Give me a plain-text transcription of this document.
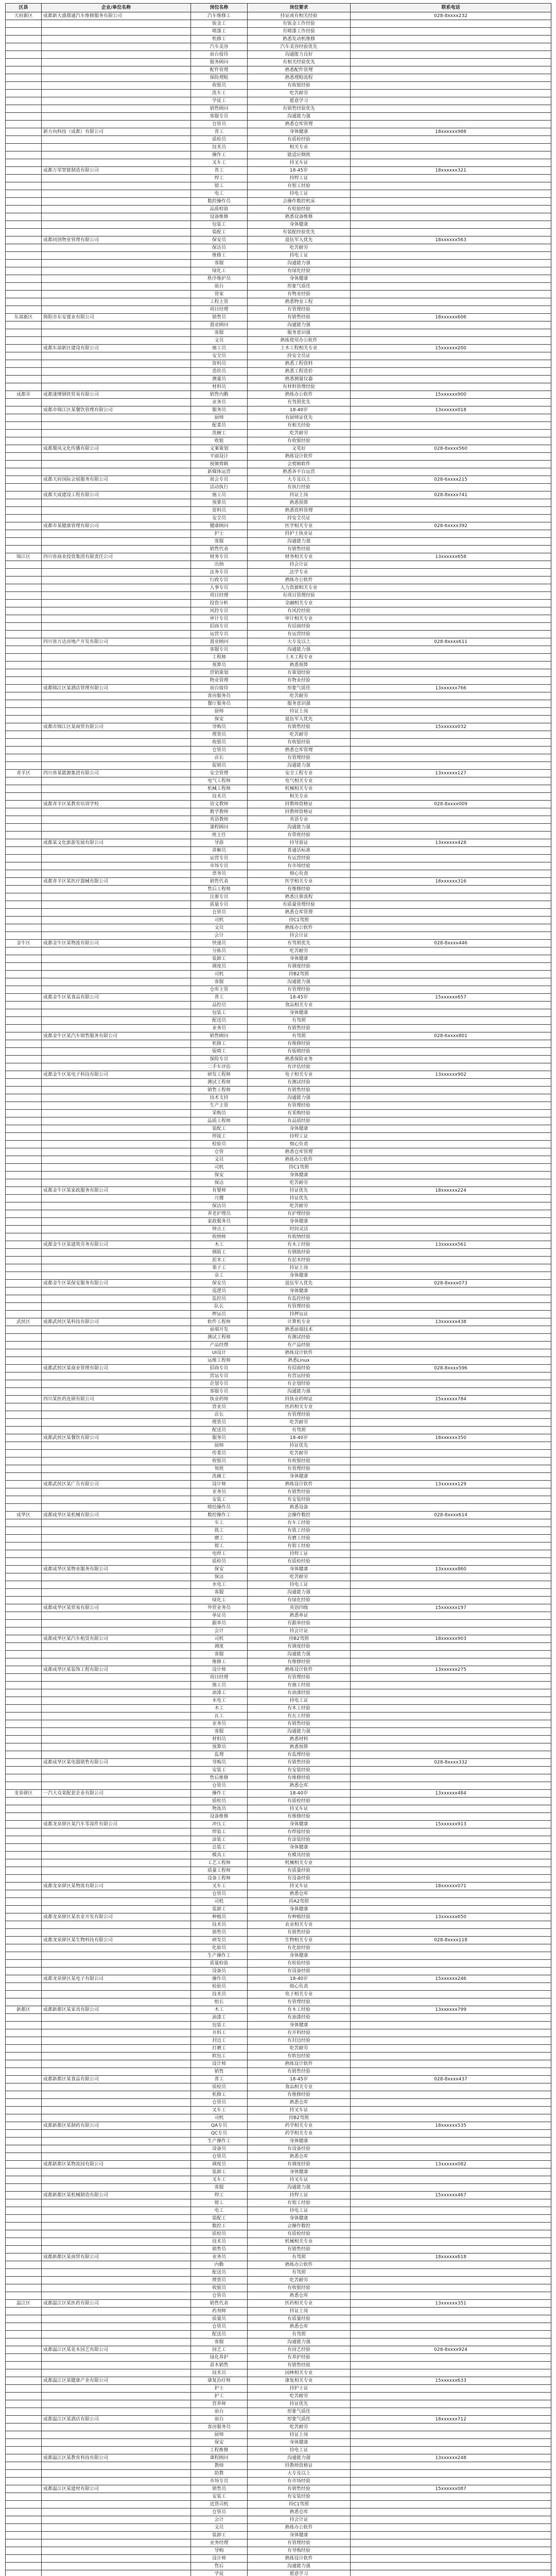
区县	企业/单位名称	岗位名称	岗位要求	联系电话
天府新区	成都新大盛鼎通汽车维修服务有限公司	汽车维修工	持证或有相关经验	028-8xxxx232
		钣金工	有钣金工作经验	
		喷漆工	有喷漆工作经验	
		机修工	熟悉发动机维修	
		汽车美容	汽车美容经验优先	
		前台接待	沟通能力良好	
		服务顾问	有相关经验优先	
		配件管理	熟悉配件管理	
		保险理赔	熟悉理赔流程	
		收银员	有收银经验	
		洗车工	吃苦耐劳	
		学徒工	愿意学习	
		销售顾问	有销售经验优先	
		客服专员	沟通能力强	
		仓管员	熟悉仓库管理	
	新方向科技（成都）有限公司	普工	身体健康	18xxxxxx988
		质检员	有质检经验	
		技术员	相关专业	
		操作工	能适应倒班	
		叉车工	持叉车证	
	成都万荣智能制造有限公司	普工	18-45岁	18xxxxxx321
		焊工	持焊工证	
		钳工	有钳工经验	
		电工	持电工证	
		数控操作员	会操作数控机床	
		品质检验	有检验经验	
		设备维修	熟悉设备维修	
		包装工	身体健康	
		装配工	有装配经验优先	
	成都同创物业管理有限公司	保安员	退伍军人优先	18xxxxxx563
		保洁员	吃苦耐劳	
		维修工	持电工证	
		客服	沟通能力强	
		绿化工	有绿化经验	
		秩序维护员	身体健康	
		前台	形象气质佳	
		管家	有物业经验	
		工程主管	熟悉物业工程	
		项目经理	有管理经验	
东部新区	简阳市东安置业有限公司	销售员	有销售经验	18xxxxxx606
		置业顾问	沟通能力强	
		客服	服务意识强	
		文员	熟练使用办公软件	
	成都东部新区建设有限公司	施工员	土木工程相关专业	15xxxxxx200
		安全员	持安全员证	
		资料员	熟悉工程资料	
		造价员	熟悉工程造价	
		测量员	熟悉测量仪器	
		材料员	有材料管理经验	
成都市	成都速博钢铁贸易有限公司	销售内勤	熟练办公软件	15xxxxxx900
		业务员	有驾照优先	
	成都市锦江区某餐饮管理有限公司	服务员	18-40岁	13xxxxxx018
		厨师	有厨师证优先	
		配菜员	有相关经验	
		洗碗工	吃苦耐劳	
		收银	有收银经验	
	成都蜀风文化传播有限公司	文案策划	文笔好	028-8xxxx560
		平面设计	熟练设计软件	
		视频剪辑	会剪辑软件	
		新媒体运营	熟悉各平台运营	
	成都天府国际会展服务有限公司	展会专员	大专及以上	028-6xxxx215
		活动执行	有执行经验	
	成都天成建设工程有限公司	施工员	持证上岗	028-8xxxx741
		预算员	熟悉预算	
		资料员	熟悉资料管理	
		安全员	持安全员证	
	成都市某健康管理有限公司	健康顾问	医学相关专业	028-6xxxx392
		护士	持护士执业证	
		客服	沟通能力强	
		销售代表	有销售经验	
锦江区	四川省商业投资集团有限责任公司	财务专员	财务相关专业	13xxxxxx658
		出纳	持会计证	
		法务专员	法学专业	
		行政专员	熟练办公软件	
		人事专员	人力资源相关专业	
		项目经理	有项目管理经验	
		投资分析	金融相关专业	
		风控专员	有风控经验	
		审计专员	审计相关专业	
		招商专员	有招商经验	
		运营专员	有运营经验	
	四川省万达房地产开发有限公司	置业顾问	大专及以上	028-8xxxx611
		客服专员	沟通能力强	
		工程师	土木工程专业	
		预算员	熟悉预算	
		营销策划	有策划经验	
		物业管理	有物业经验	
	成都锦江区某酒店管理有限公司	前台接待	形象气质佳	13xxxxxx766
		客房服务员	吃苦耐劳	
		餐厅服务员	服务意识强	
		厨师	持证上岗	
		保安	退伍军人优先	
	成都市锦江区某商贸有限公司	导购员	有销售经验	15xxxxxx032
		理货员	吃苦耐劳	
		收银员	有收银经验	
		仓管员	熟悉仓库管理	
		店长	有管理经验	
		促销员	沟通能力强	
青羊区	四川省某能源集团有限公司	安全管理	安全工程专业	13xxxxxx127
		电气工程师	电气相关专业	
		机械工程师	机械相关专业	
		技术员	相关专业	
	成都青羊区某教育培训学校	语文教师	持教师资格证	028-8xxxx009
		数学教师	持教师资格证	
		英语教师	英语专业	
		课程顾问	沟通能力强	
		班主任	有带班经验	
	成都某文化旅游发展有限公司	导游	持导游证	13xxxxxx428
		讲解员	普通话标准	
		运营专员	有运营经验	
		市场专员	有市场经验	
		票务员	细心负责	
	成都青羊区某医疗器械有限公司	销售代表	医学相关专业	18xxxxxx316
		售后工程师	有维修经验	
		注册专员	熟悉注册流程	
		质量专员	有质量管理经验	
		仓管员	熟悉仓库管理	
		司机	持C1驾照	
		文员	熟练办公软件	
		会计	持会计证	
金牛区	成都金牛区某物流有限公司	快递员	有驾照优先	028-8xxxx446
		分拣员	吃苦耐劳	
		装卸工	身体健康	
		调度员	有调度经验	
		司机	持B2驾照	
		客服	沟通能力强	
		仓库主管	有管理经验	
	成都金牛区某食品有限公司	普工	18-45岁	15xxxxxx657
		品控员	食品相关专业	
		包装工	身体健康	
		配送员	有驾照	
		业务员	有销售经验	
	成都金牛区某汽车销售服务有限公司	销售顾问	有驾照	028-6xxxx801
		机修工	有维修经验	
		钣喷工	有钣喷经验	
		保险专员	熟悉保险业务	
		二手车评估	有评估经验	
	成都金牛区某电子科技有限公司	研发工程师	电子相关专业	13xxxxxx902
		测试工程师	有测试经验	
		销售工程师	有销售经验	
		技术支持	沟通能力强	
		生产主管	有管理经验	
		采购员	有采购经验	
		品质工程师	有品质经验	
		装配工	身体健康	
		焊接工	持焊工证	
		检验员	细心负责	
		仓管	熟悉仓库管理	
		文员	熟练办公软件	
		司机	持C1驾照	
		保安	身体健康	
		保洁	吃苦耐劳	
	成都金牛区某家政服务有限公司	育婴师	持证优先	18xxxxxx224
		月嫂	持证优先	
		保洁员	吃苦耐劳	
		养老护理员	有护理经验	
		家政服务员	身体健康	
		钟点工	时间灵活	
		收纳师	有收纳经验	
	成都金牛区某建筑劳务有限公司	木工	有木工经验	13xxxxxx561
		钢筋工	有钢筋经验	
		泥水工	有泥水经验	
		架子工	持证上岗	
		杂工	身体健康	
	成都金牛区某保安服务有限公司	保安员	退伍军人优先	028-8xxxx073
		巡逻员	身体健康	
		监控员	有监控经验	
		队长	有管理经验	
		押运员	持押运证	
武侯区	成都武侯区某科技有限公司	软件工程师	计算机专业	13xxxxxx438
		前端开发	熟悉前端技术	
		测试工程师	有测试经验	
		产品经理	有产品经验	
		UI设计	熟练设计软件	
		运维工程师	熟悉Linux	
	成都武侯区某商业管理有限公司	招商专员	有招商经验	028-8xxxx596
		营运专员	有营运经验	
		企划专员	有企划经验	
		客服专员	沟通能力强	
	四川某医药连锁有限公司	执业药师	持执业药师证	15xxxxxx784
		营业员	医药相关专业	
		店长	有管理经验	
		理货员	吃苦耐劳	
		配送员	有驾照	
	成都武侯区某餐饮有限公司	服务员	18-40岁	18xxxxxx350
		厨师	持证优先	
		传菜员	吃苦耐劳	
		收银员	有收银经验	
		领班	有管理经验	
		洗碗工	身体健康	
	成都武侯区某广告有限公司	设计师	熟练设计软件	13xxxxxx129
		业务员	有销售经验	
		安装工	有安装经验	
		喷绘操作员	熟悉设备	
成华区	成都成华区某机械有限公司	数控操作工	会操作数控	028-8xxxx614
		车工	有车工经验	
		铣工	有铣工经验	
		磨工	有磨工经验	
		钳工	有钳工经验	
		电焊工	持焊工证	
		质检员	有质检经验	
	成都成华区某物业服务有限公司	保安	身体健康	13xxxxxx860
		保洁	吃苦耐劳	
		水电工	持电工证	
		客服	沟通能力强	
		绿化工	有绿化经验	
	成都成华区某贸易有限公司	外贸业务员	英语四级	15xxxxxx197
		单证员	熟悉单证	
		跟单员	有跟单经验	
		会计	持会计证	
	成都成华区某汽车租赁有限公司	司机	持B2驾照	18xxxxxx903
		调度	有调度经验	
		客服	沟通能力强	
		维修工	有维修经验	
	成都成华区某装饰工程有限公司	设计师	熟练设计软件	13xxxxxx275
		项目经理	有管理经验	
		施工员	有施工经验	
		油漆工	有油漆经验	
		水电工	持电工证	
		木工	有木工经验	
		瓦工	有瓦工经验	
		业务员	有销售经验	
		客服	沟通能力强	
		材料员	熟悉材料	
		预算员	熟悉预算	
		监理	有监理经验	
	成都成华区某电器销售有限公司	导购员	有销售经验	028-8xxxx332
		安装工	有安装经验	
		售后维修	有维修经验	
		仓管员	熟悉仓库	
龙泉驿区	一汽大众某配套企业有限公司	操作工	18-40岁	13xxxxxx484
		质检员	有质检经验	
		物流员	持叉车证	
		设备维修	有维修经验	
	成都龙泉驿区某汽车零部件有限公司	冲压工	身体健康	15xxxxxx913
		焊装工	有焊接经验	
		涂装工	有涂装经验	
		总装工	身体健康	
		模具工	有模具经验	
		工艺工程师	机械相关专业	
		质量工程师	有质量经验	
		设备工程师	有设备经验	
	成都龙泉驿区某物流有限公司	叉车工	持叉车证	18xxxxxx071
		仓管员	熟悉仓库	
		司机	持A2驾照	
		装卸工	身体健康	
	成都龙泉驿区某农业开发有限公司	种植员	有种植经验	13xxxxxx650
		技术员	农业相关专业	
		销售员	有销售经验	
	成都龙泉驿区某生物科技有限公司	研发员	生物相关专业	028-8xxxx118
		化验员	有化验经验	
		生产操作工	身体健康	
		质量检验	有检验经验	
		设备员	有设备经验	
	成都龙泉驿区某电子有限公司	操作员	18-40岁	15xxxxxx246
		检验员	细心负责	
		技术员	电子相关专业	
		组长	有管理经验	
新都区	成都新都区某家具有限公司	木工	有木工经验	13xxxxxx799
		油漆工	有油漆经验	
		包装工	身体健康	
		开料工	有开料经验	
		封边工	有封边经验	
		打磨工	吃苦耐劳	
		软包工	有软包经验	
		设计师	熟练设计软件	
		销售	有销售经验	
	成都新都区某食品有限公司	普工	18-45岁	028-8xxxx437
		质检员	食品相关专业	
		机修工	有维修经验	
		仓管员	熟悉仓库	
		叉车工	持叉车证	
		司机	持B2驾照	
	成都新都区某制药有限公司	QA专员	药学相关专业	18xxxxxx535
		QC专员	药学相关专业	
		生产操作工	身体健康	
		设备员	有设备经验	
		仓管员	熟悉仓库	
	成都新都区某物流园有限公司	调度员	有调度经验	13xxxxxx082
		装卸工	身体健康	
		叉车工	持叉车证	
		客服	沟通能力强	
	成都新都区某机械制造有限公司	焊工	持焊工证	15xxxxxx467
		钳工	有钳工经验	
		电工	持电工证	
		装配工	身体健康	
		数控工	会操作数控	
		质检员	有质检经验	
		技术员	机械相关专业	
		销售员	有销售经验	
	成都新都区某商贸有限公司	业务员	有驾照	18xxxxxx618
		内勤	熟练办公软件	
		配送员	有驾照	
		理货员	吃苦耐劳	
		收银员	有收银经验	
		仓管员	熟悉仓库	
温江区	成都温江区某医药有限公司	销售代表	医药相关专业	13xxxxxx351
		药剂师	持证上岗	
		质量员	有质量经验	
		仓管员	熟悉仓库	
		配送员	有驾照	
		客服	沟通能力强	
	成都温江区某花木园艺有限公司	园艺工	有园艺经验	028-8xxxx924
		绿化养护	有养护经验	
		苗木销售	有销售经验	
		技术员	园林相关专业	
	成都温江区某健康产业有限公司	康复治疗师	康复相关专业	15xxxxxx633
		护士	持护士证	
		护工	吃苦耐劳	
		营养师	持证优先	
		前台	形象气质佳	
	成都温江区某酒店有限公司	前台	形象气质佳	18xxxxxx712
		客房服务员	吃苦耐劳	
		厨师	持证上岗	
		保安	身体健康	
		工程维修	持电工证	
	成都温江区某教育科技有限公司	课程顾问	沟通能力强	13xxxxxx248
		教师	持教师资格证	
		助教	大专及以上	
		市场专员	有市场经验	
	成都温江区某建材有限公司	销售员	有销售经验	15xxxxxx087
		安装工	有安装经验	
		送货司机	持C1驾照	
		仓管员	熟悉仓库	
		会计	持会计证	
		文员	熟练办公软件	
		装卸工	身体健康	
		业务经理	有管理经验	
		导购	有导购经验	
		设计师	熟练设计软件	
		售后	沟通能力强	
		学徒	愿意学习	
